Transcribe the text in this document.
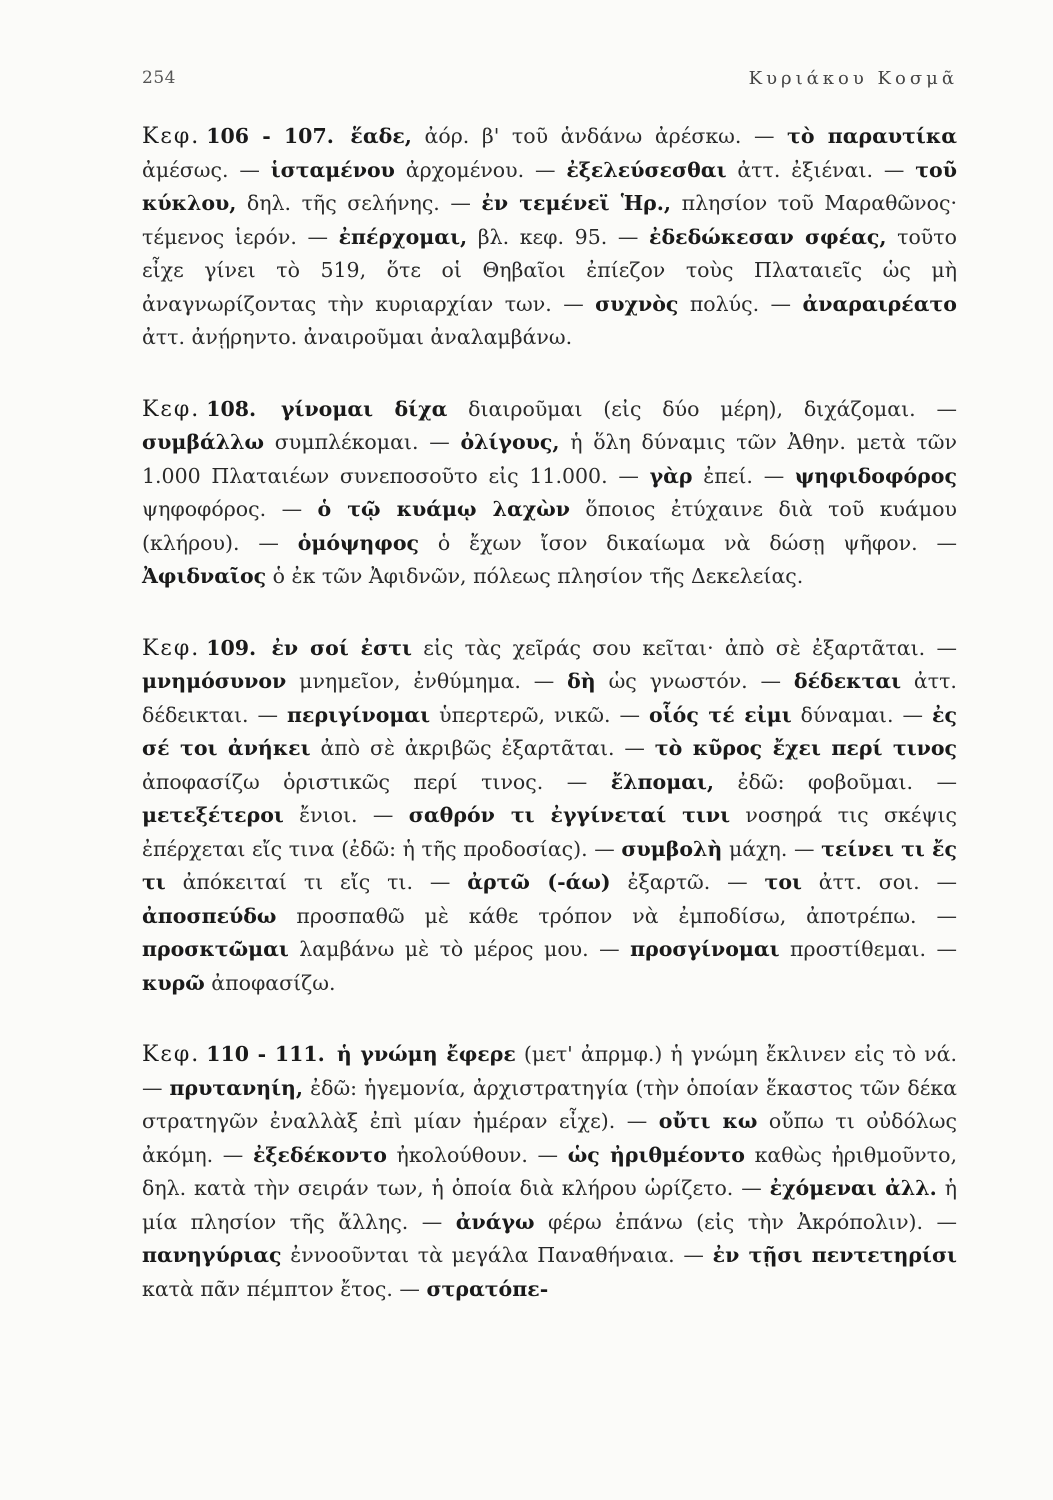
254	Κυριάκου Κοσμᾶ

Κεφ. 106 - 107. ἕαδε, ἀόρ. β' τοῦ ἁνδάνω ἀρέσκω. — τὸ παραυτίκα ἀμέσως. — ἱσταμένου ἀρχομένου. — ἐξελεύσεσθαι ἀττ. ἐξιέναι. — τοῦ κύκλου, δηλ. τῆς σελήνης. — ἐν τεμένεϊ Ἡρ., πλησίον τοῦ Μαραθῶνος· τέμενος ἱερόν. — ἐπέρχομαι, βλ. κεφ. 95. — ἐδεδώκεσαν σφέας, τοῦτο εἶχε γίνει τὸ 519, ὅτε οἱ Θηβαῖοι ἐπίεζον τοὺς Πλαταιεῖς ὡς μὴ ἀναγνωρίζοντας τὴν κυριαρχίαν των. — συχνὸς πολύς. — ἀναραιρέατο ἀττ. ἀνῄρηντο. ἀναιροῦμαι ἀναλαμβάνω.

Κεφ. 108. γίνομαι δίχα διαιροῦμαι (εἰς δύο μέρη), διχάζομαι. — συμβάλλω συμπλέκομαι. — ὀλίγους, ἡ ὅλη δύναμις τῶν Ἀθην. μετὰ τῶν 1.000 Πλαταιέων συνεποσοῦτο εἰς 11.000. — γὰρ ἐπεί. — ψηφιδοφόρος ψηφοφόρος. — ὁ τῷ κυάμῳ λαχὼν ὅποιος ἐτύχαινε διὰ τοῦ κυάμου (κλήρου). — ὁμόψηφος ὁ ἔχων ἴσον δικαίωμα νὰ δώσῃ ψῆφον. — Ἀφιδναῖος ὁ ἐκ τῶν Ἀφιδνῶν, πόλεως πλησίον τῆς Δεκελείας.

Κεφ. 109. ἐν σοί ἐστι εἰς τὰς χεῖράς σου κεῖται· ἀπὸ σὲ ἐξαρτᾶται. — μνημόσυνον μνημεῖον, ἐνθύμημα. — δὴ ὡς γνωστόν. — δέδεκται ἀττ. δέδεικται. — περιγίνομαι ὑπερτερῶ, νικῶ. — οἷός τέ εἰμι δύναμαι. — ἐς σέ τοι ἀνήκει ἀπὸ σὲ ἀκριβῶς ἐξαρτᾶται. — τὸ κῦρος ἔχει περί τινος ἀποφασίζω ὁριστικῶς περί τινος. — ἔλπομαι, ἐδῶ: φοβοῦμαι. — μετεξέτεροι ἔνιοι. — σαθρόν τι ἐγγίνεταί τινι νοσηρά τις σκέψις ἐπέρχεται εἴς τινα (ἐδῶ: ἡ τῆς προδοσίας). — συμβολὴ μάχη. — τείνει τι ἔς τι ἀπόκειταί τι εἴς τι. — ἀρτῶ (-άω) ἐξαρτῶ. — τοι ἀττ. σοι. — ἀποσπεύδω προσπαθῶ μὲ κάθε τρόπον νὰ ἐμποδίσω, ἀποτρέπω. — προσκτῶμαι λαμβάνω μὲ τὸ μέρος μου. — προσγίνομαι προστίθεμαι. — κυρῶ ἀποφασίζω.

Κεφ. 110 - 111. ἡ γνώμη ἔφερε (μετ' ἀπρμφ.) ἡ γνώμη ἔκλινεν εἰς τὸ νά. — πρυτανηίη, ἐδῶ: ἡγεμονία, ἀρχιστρατηγία (τὴν ὁποίαν ἕκαστος τῶν δέκα στρατηγῶν ἐναλλὰξ ἐπὶ μίαν ἡμέραν εἶχε). — οὔτι κω οὔπω τι οὐδόλως ἀκόμη. — ἐξεδέκοντο ἠκολούθουν. — ὡς ἠριθμέοντο καθὼς ἠριθμοῦντο, δηλ. κατὰ τὴν σειράν των, ἡ ὁποία διὰ κλήρου ὡρίζετο. — ἐχόμεναι ἀλλ. ἡ μία πλησίον τῆς ἄλλης. — ἀνάγω φέρω ἐπάνω (εἰς τὴν Ἀκρόπολιν). — πανηγύριας ἐννοοῦνται τὰ μεγάλα Παναθήναια. — ἐν τῇσι πεντετηρίσι κατὰ πᾶν πέμπτον ἔτος. — στρατόπε-
